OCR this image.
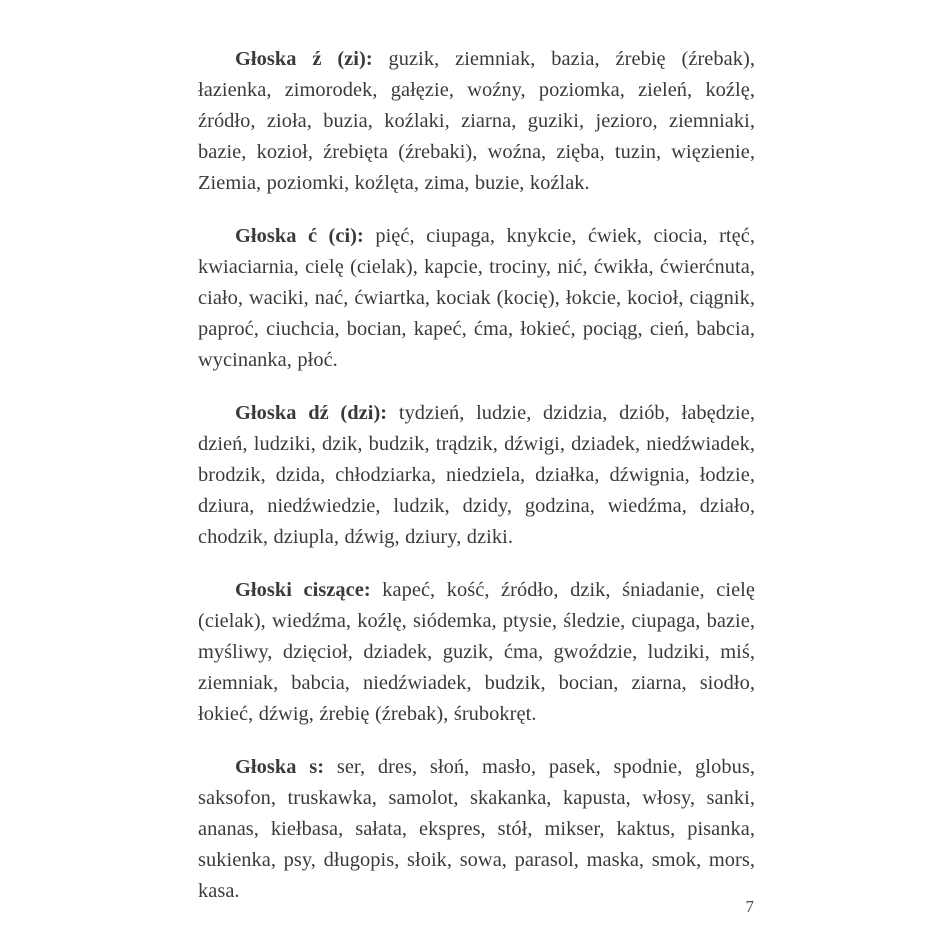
Głoska ź (zi): guzik, ziemniak, bazia, źrebię (źrebak), łazienka, zimorodek, gałęzie, woźny, poziomka, zieleń, koźlę, źródło, zioła, buzia, koźlaki, ziarna, guziki, jezioro, ziemniaki, bazie, kozioł, źrebięta (źrebaki), woźna, zięba, tuzin, więzienie, Ziemia, poziomki, koźlęta, zima, buzie, koźlak.

Głoska ć (ci): pięć, ciupaga, knykcie, ćwiek, ciocia, rtęć, kwiaciarnia, cielę (cielak), kapcie, trociny, nić, ćwikła, ćwierćnuta, ciało, waciki, nać, ćwiartka, kociak (kocię), łokcie, kocioł, ciągnik, paproć, ciuchcia, bocian, kapeć, ćma, łokieć, pociąg, cień, babcia, wycinanka, płoć.

Głoska dź (dzi): tydzień, ludzie, dzidzia, dziób, łabędzie, dzień, ludziki, dzik, budzik, trądzik, dźwigi, dziadek, niedźwiadek, brodzik, dzida, chłodziarka, niedziela, działka, dźwignia, łodzie, dziura, niedźwiedzie, ludzik, dzidy, godzina, wiedźma, działo, chodzik, dziupla, dźwig, dziury, dziki.

Głoski ciszące: kapeć, kość, źródło, dzik, śniadanie, cielę (cielak), wiedźma, koźlę, siódemka, ptysie, śledzie, ciupaga, bazie, myśliwy, dzięcioł, dziadek, guzik, ćma, gwoździe, ludziki, miś, ziemniak, babcia, niedźwiadek, budzik, bocian, ziarna, siodło, łokieć, dźwig, źrebię (źrebak), śrubokręt.

Głoska s: ser, dres, słoń, masło, pasek, spodnie, globus, saksofon, truskawka, samolot, skakanka, kapusta, włosy, sanki, ananas, kiełbasa, sałata, ekspres, stół, mikser, kaktus, pisanka, sukienka, psy, długopis, słoik, sowa, parasol, maska, smok, mors, kasa.

7
